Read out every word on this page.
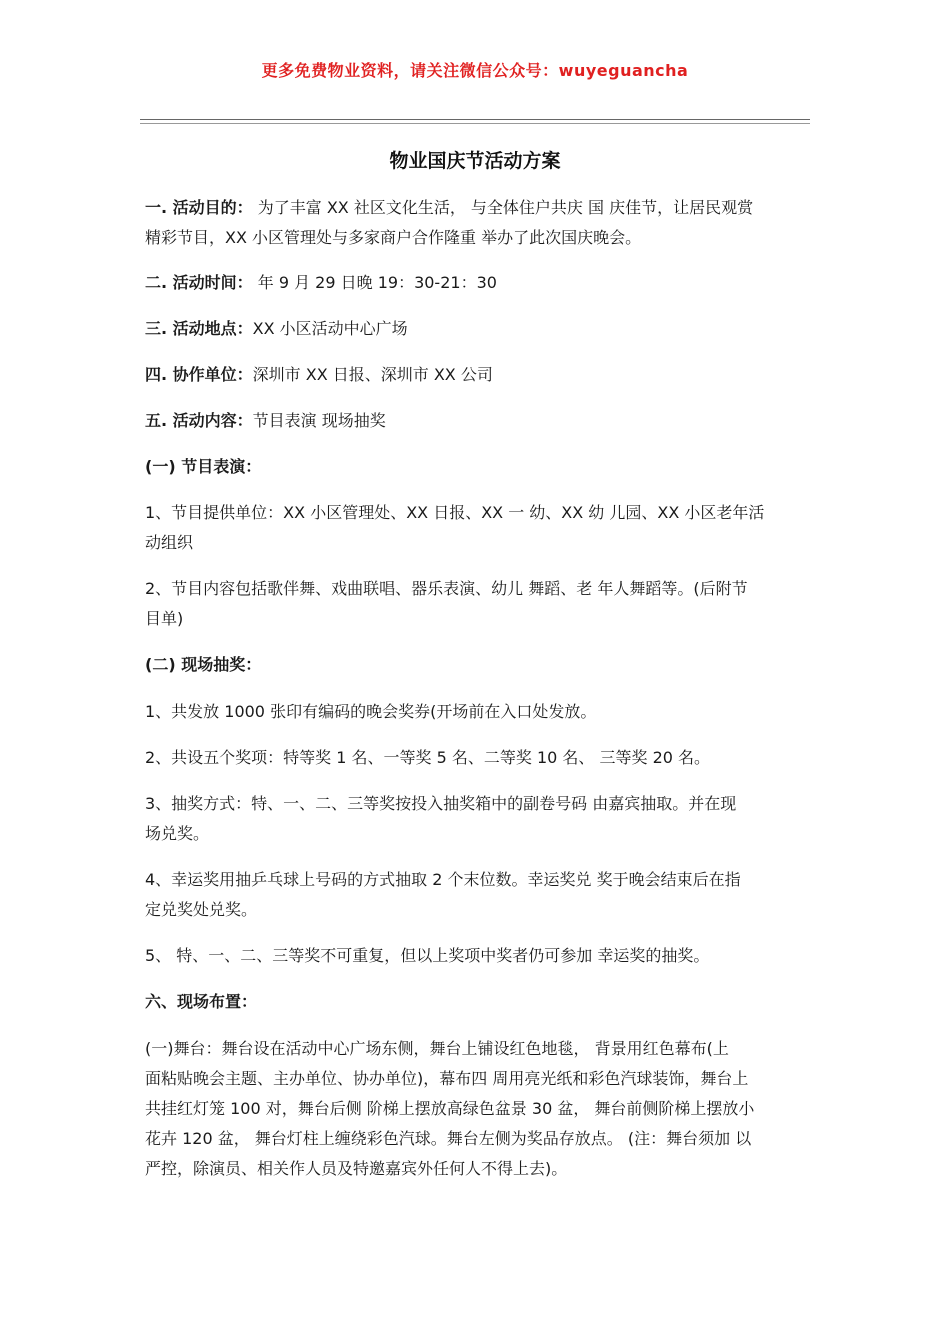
更多免费物业资料，请关注微信公众号：wuyeguancha
物业国庆节活动方案
一. 活动目的： 为了丰富 XX 社区文化生活， 与全体住户共庆 国 庆佳节，让居民观赏
精彩节目，XX 小区管理处与多家商户合作隆重 举办了此次国庆晚会。
二. 活动时间： 年 9 月 29 日晚 19：30-21：30
三. 活动地点：XX 小区活动中心广场
四. 协作单位：深圳市 XX 日报、深圳市 XX 公司
五. 活动内容：节目表演 现场抽奖
(一) 节目表演：
1、节目提供单位：XX 小区管理处、XX 日报、XX 一 幼、XX 幼 儿园、XX 小区老年活
动组织
2、节目内容包括歌伴舞、戏曲联唱、器乐表演、幼儿 舞蹈、老 年人舞蹈等。(后附节
目单)
(二) 现场抽奖：
1、共发放 1000 张印有编码的晚会奖券(开场前在入口处发放。
2、共设五个奖项：特等奖 1 名、一等奖 5 名、二等奖 10 名、 三等奖 20 名。
3、抽奖方式：特、一、二、三等奖按投入抽奖箱中的副卷号码 由嘉宾抽取。并在现
场兑奖。
4、幸运奖用抽乒乓球上号码的方式抽取 2 个末位数。幸运奖兑 奖于晚会结束后在指
定兑奖处兑奖。
5、 特、一、二、三等奖不可重复，但以上奖项中奖者仍可参加 幸运奖的抽奖。
六、现场布置：
(一)舞台：舞台设在活动中心广场东侧，舞台上铺设红色地毯， 背景用红色幕布(上
面粘贴晚会主题、主办单位、协办单位)，幕布四 周用亮光纸和彩色汽球装饰，舞台上
共挂红灯笼 100 对，舞台后侧 阶梯上摆放高绿色盆景 30 盆， 舞台前侧阶梯上摆放小
花卉 120 盆， 舞台灯柱上缠绕彩色汽球。舞台左侧为奖品存放点。 (注：舞台须加 以
严控，除演员、相关作人员及特邀嘉宾外任何人不得上去)。
